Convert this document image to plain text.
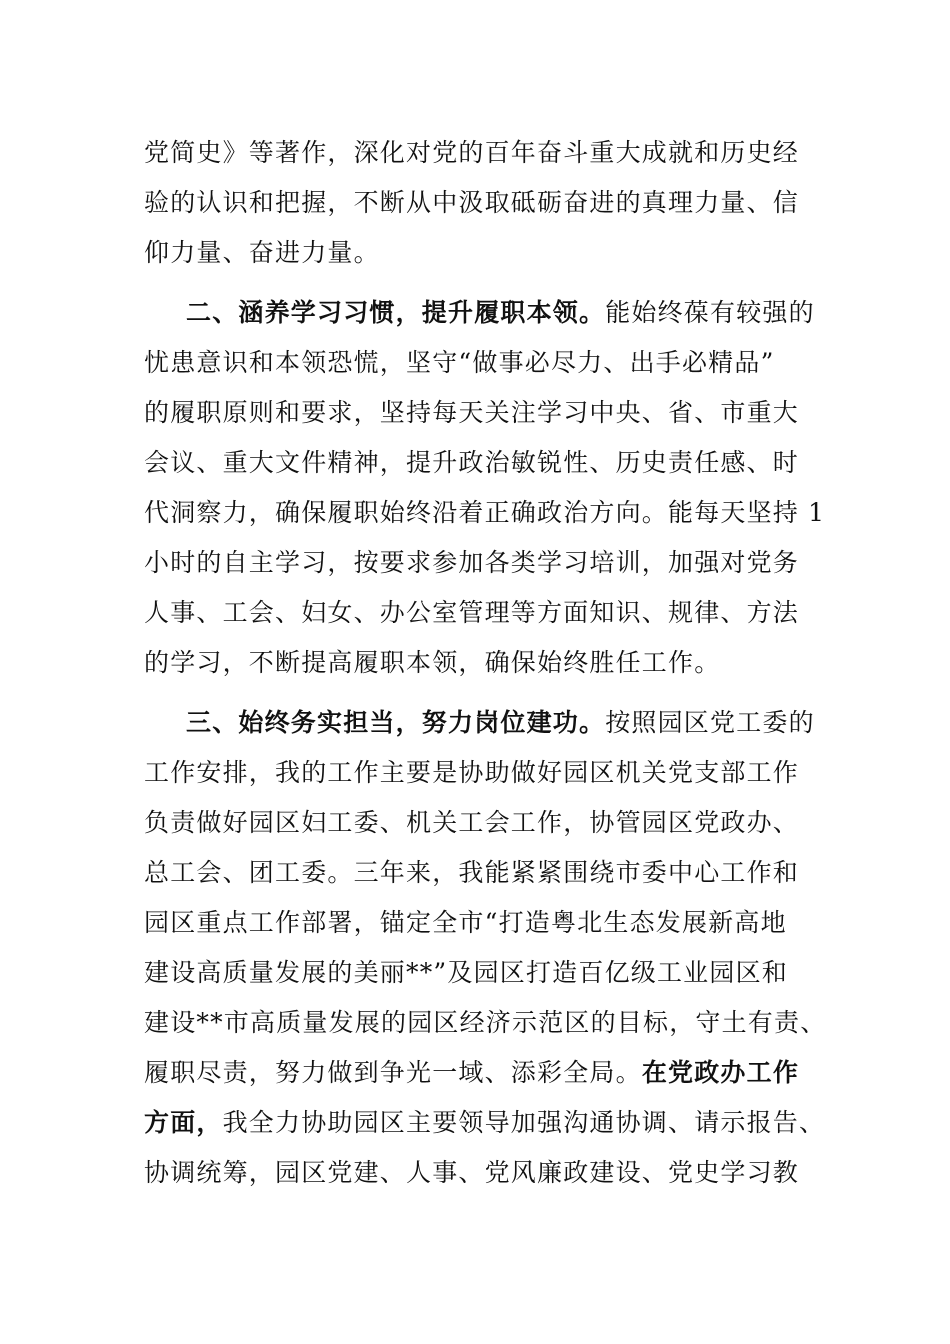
党简史》等著作，深化对党的百年奋斗重大成就和历史经
验的认识和把握，不断从中汲取砥砺奋进的真理力量、信
仰力量、奋进力量。
二、涵养学习习惯，提升履职本领。能始终葆有较强的
忧患意识和本领恐慌，坚守“做事必尽力、出手必精品”
的履职原则和要求，坚持每天关注学习中央、省、市重大
会议、重大文件精神，提升政治敏锐性、历史责任感、时
代洞察力，确保履职始终沿着正确政治方向。能每天坚持 1
小时的自主学习，按要求参加各类学习培训，加强对党务
人事、工会、妇女、办公室管理等方面知识、规律、方法
的学习，不断提高履职本领，确保始终胜任工作。
三、始终务实担当，努力岗位建功。按照园区党工委的
工作安排，我的工作主要是协助做好园区机关党支部工作
负责做好园区妇工委、机关工会工作，协管园区党政办、
总工会、团工委。三年来，我能紧紧围绕市委中心工作和
园区重点工作部署，锚定全市“打造粤北生态发展新高地
建设高质量发展的美丽**”及园区打造百亿级工业园区和
建设**市高质量发展的园区经济示范区的目标，守土有责、
履职尽责，努力做到争光一域、添彩全局。在党政办工作
方面，我全力协助园区主要领导加强沟通协调、请示报告、
协调统筹，园区党建、人事、党风廉政建设、党史学习教
